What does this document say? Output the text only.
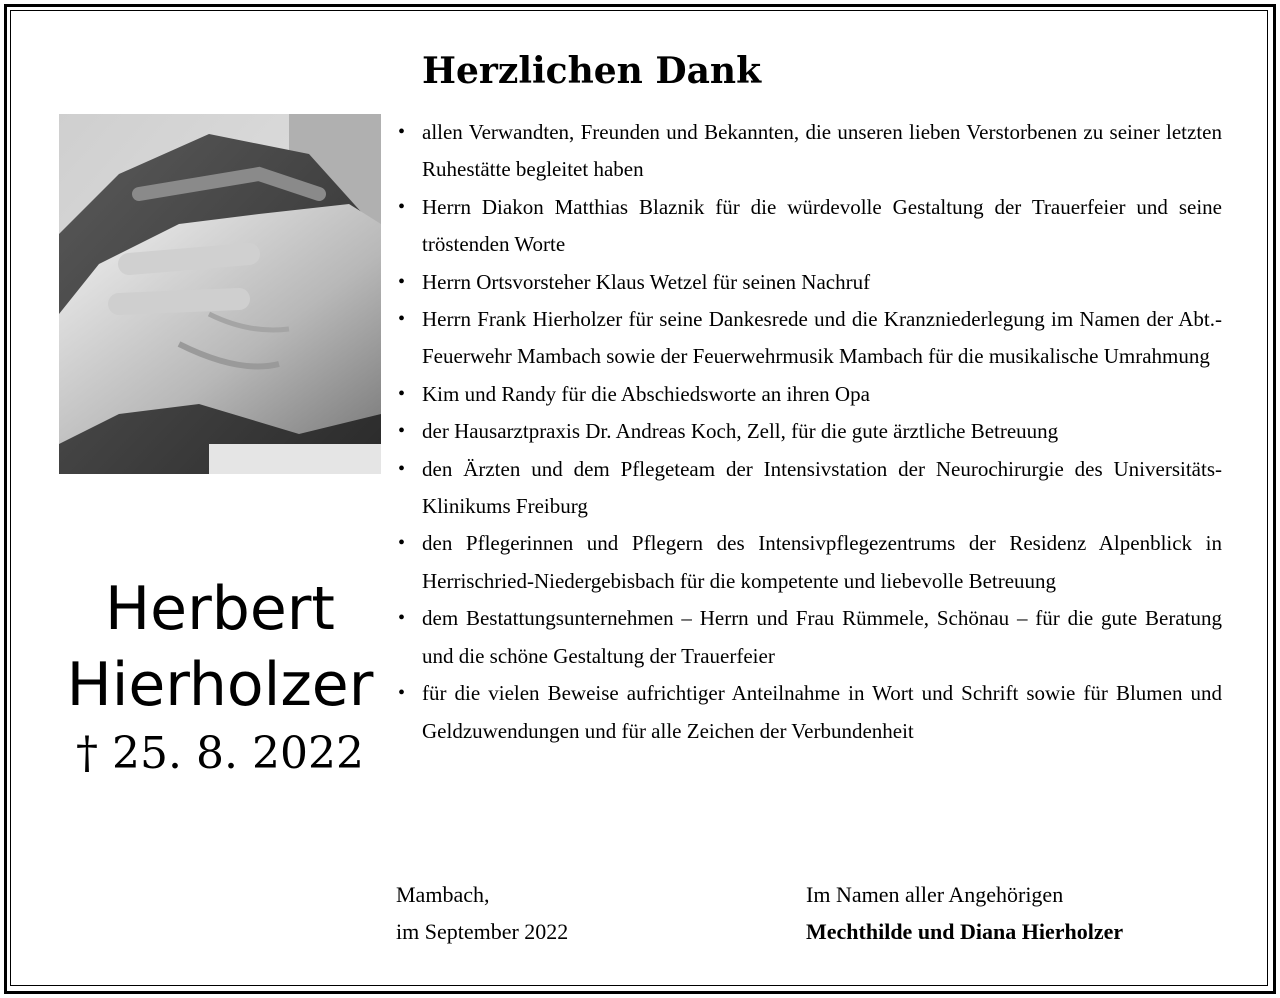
Herzlichen Dank
Herbert
Hierholzer
† 25. 8. 2022
• allen Verwandten, Freunden und Bekannten, die unseren lieben Verstorbenen zu seiner letzten Ruhestätte begleitet haben
• Herrn Diakon Matthias Blaznik für die würdevolle Gestaltung der Trauerfeier und seine tröstenden Worte
• Herrn Ortsvorsteher Klaus Wetzel für seinen Nachruf
• Herrn Frank Hierholzer für seine Dankesrede und die Kranzniederlegung im Namen der Abt.-Feuerwehr Mambach sowie der Feuerwehrmusik Mambach für die musikalische Umrahmung
• Kim und Randy für die Abschiedsworte an ihren Opa
• der Hausarztpraxis Dr. Andreas Koch, Zell, für die gute ärztliche Betreuung
• den Ärzten und dem Pflegeteam der Intensivstation der Neurochirurgie des Universitäts-Klinikums Freiburg
• den Pflegerinnen und Pflegern des Intensivpflegezentrums der Residenz Alpenblick in Herrischried-Niedergebisbach für die kompetente und liebevolle Betreuung
• dem Bestattungsunternehmen – Herrn und Frau Rümmele, Schönau – für die gute Beratung und die schöne Gestaltung der Trauerfeier
• für die vielen Beweise aufrichtiger Anteilnahme in Wort und Schrift sowie für Blumen und Geldzuwendungen und für alle Zeichen der Verbundenheit
Mambach,
im September 2022
Im Namen aller Angehörigen
Mechthilde und Diana Hierholzer
